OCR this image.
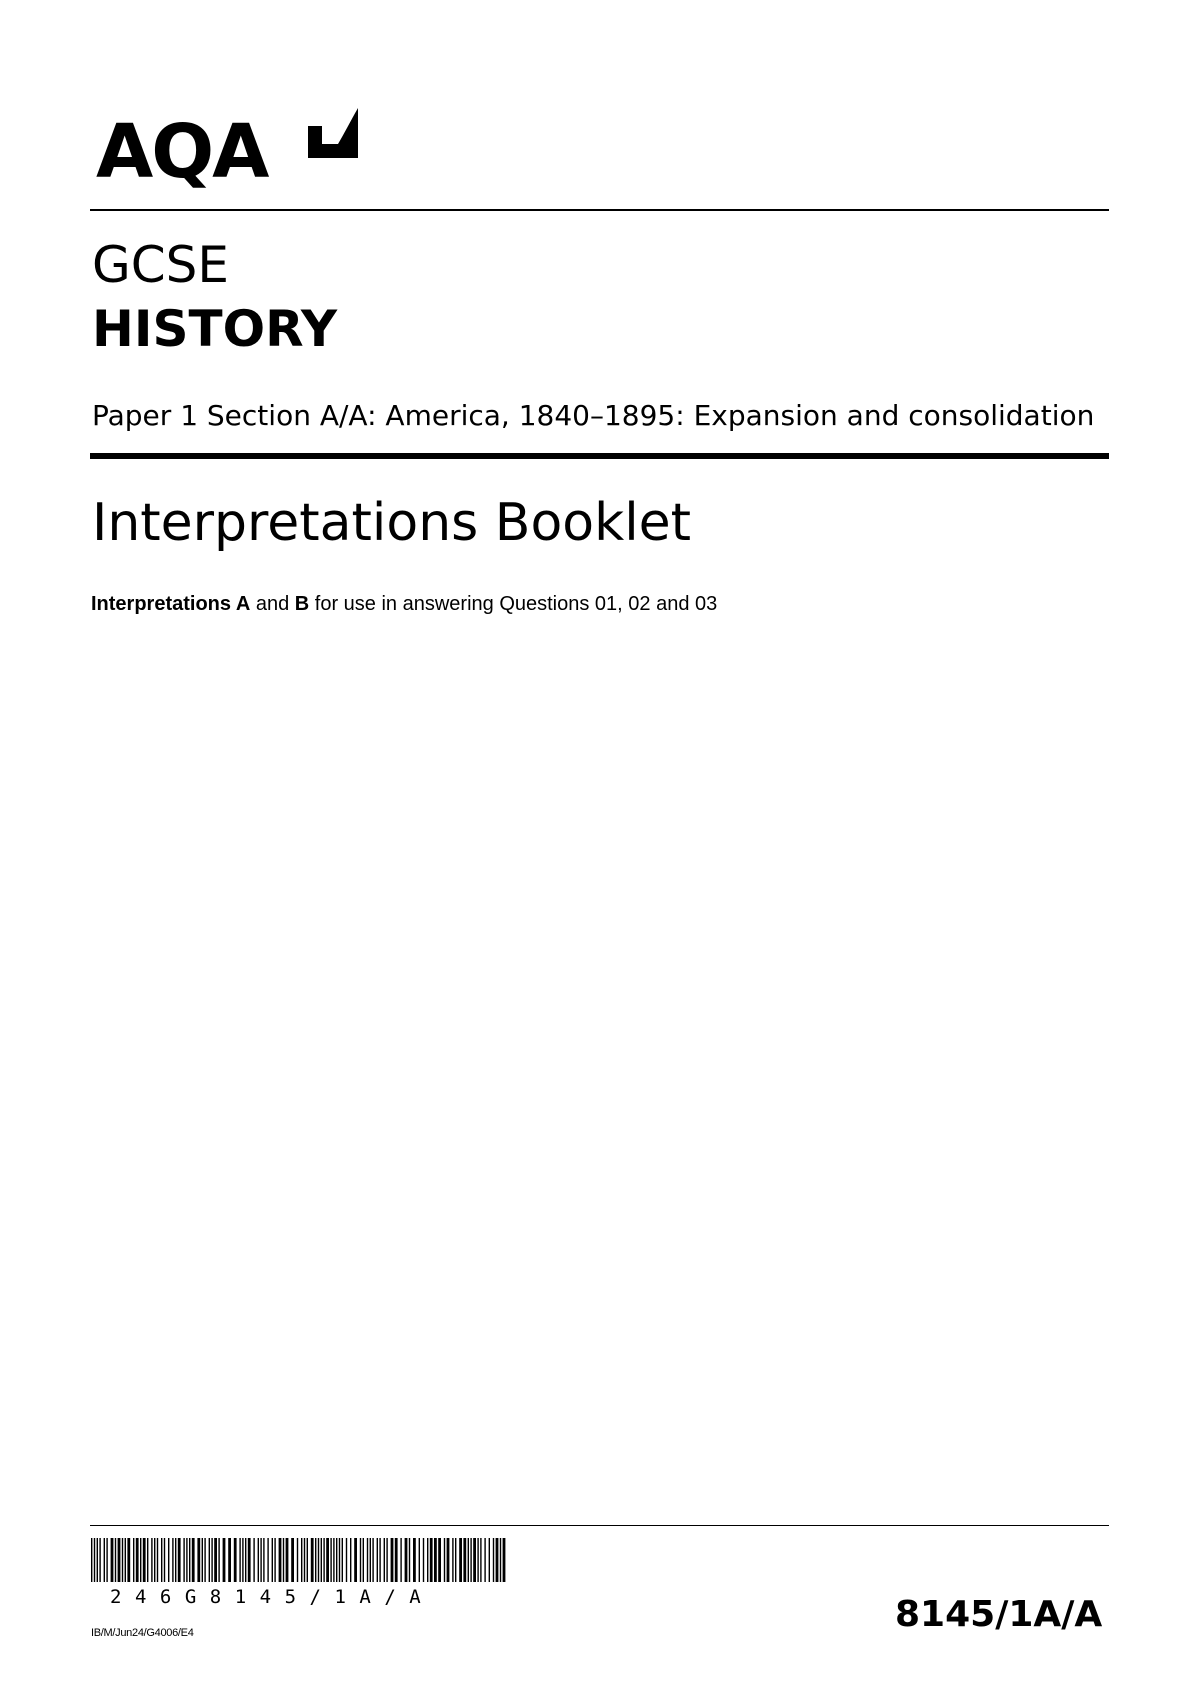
AQA
GCSE
HISTORY
Paper 1 Section A/A: America, 1840–1895: Expansion and consolidation
Interpretations Booklet
Interpretations A and B for use in answering Questions 01, 02 and 03
246G8145/1A/A
IB/M/Jun24/G4006/E4	8145/1A/A
